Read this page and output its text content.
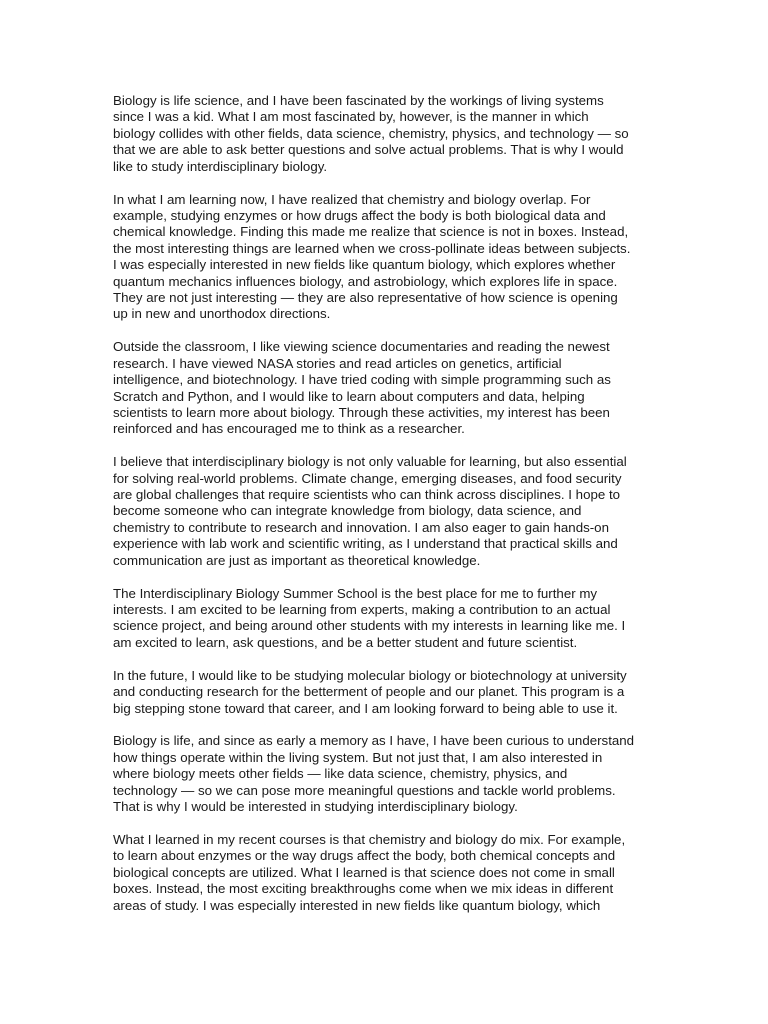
Biology is life science, and I have been fascinated by the workings of living systems
since I was a kid. What I am most fascinated by, however, is the manner in which
biology collides with other fields, data science, chemistry, physics, and technology — so
that we are able to ask better questions and solve actual problems. That is why I would
like to study interdisciplinary biology.

In what I am learning now, I have realized that chemistry and biology overlap. For
example, studying enzymes or how drugs affect the body is both biological data and
chemical knowledge. Finding this made me realize that science is not in boxes. Instead,
the most interesting things are learned when we cross-pollinate ideas between subjects.
I was especially interested in new fields like quantum biology, which explores whether
quantum mechanics influences biology, and astrobiology, which explores life in space.
They are not just interesting — they are also representative of how science is opening
up in new and unorthodox directions.

Outside the classroom, I like viewing science documentaries and reading the newest
research. I have viewed NASA stories and read articles on genetics, artificial
intelligence, and biotechnology. I have tried coding with simple programming such as
Scratch and Python, and I would like to learn about computers and data, helping
scientists to learn more about biology. Through these activities, my interest has been
reinforced and has encouraged me to think as a researcher.

I believe that interdisciplinary biology is not only valuable for learning, but also essential
for solving real-world problems. Climate change, emerging diseases, and food security
are global challenges that require scientists who can think across disciplines. I hope to
become someone who can integrate knowledge from biology, data science, and
chemistry to contribute to research and innovation. I am also eager to gain hands-on
experience with lab work and scientific writing, as I understand that practical skills and
communication are just as important as theoretical knowledge.

The Interdisciplinary Biology Summer School is the best place for me to further my
interests. I am excited to be learning from experts, making a contribution to an actual
science project, and being around other students with my interests in learning like me. I
am excited to learn, ask questions, and be a better student and future scientist.

In the future, I would like to be studying molecular biology or biotechnology at university
and conducting research for the betterment of people and our planet. This program is a
big stepping stone toward that career, and I am looking forward to being able to use it.

Biology is life, and since as early a memory as I have, I have been curious to understand
how things operate within the living system. But not just that, I am also interested in
where biology meets other fields — like data science, chemistry, physics, and
technology — so we can pose more meaningful questions and tackle world problems.
That is why I would be interested in studying interdisciplinary biology.

What I learned in my recent courses is that chemistry and biology do mix. For example,
to learn about enzymes or the way drugs affect the body, both chemical concepts and
biological concepts are utilized. What I learned is that science does not come in small
boxes. Instead, the most exciting breakthroughs come when we mix ideas in different
areas of study. I was especially interested in new fields like quantum biology, which
